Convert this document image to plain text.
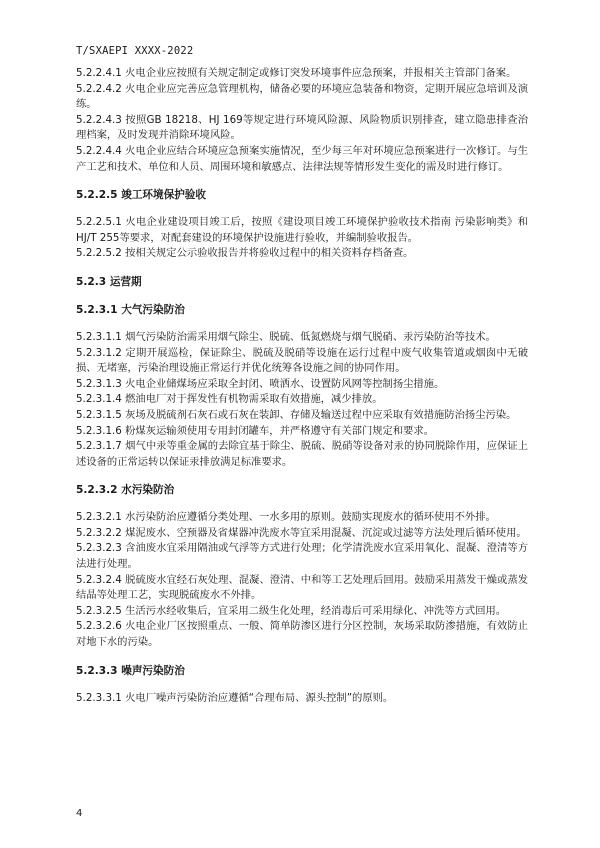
T/SXAEPI XXXX-2022

5.2.2.4.1 火电企业应按照有关规定制定或修订突发环境事件应急预案，并报相关主管部门备案。

5.2.2.4.2 火电企业应完善应急管理机构，储备必要的环境应急装备和物资，定期开展应急培训及演练。

5.2.2.4.3 按照GB 18218、HJ 169等规定进行环境风险源、风险物质识别排查，建立隐患排查治理档案，及时发现并消除环境风险。

5.2.2.4.4 火电企业应结合环境应急预案实施情况，至少每三年对环境应急预案进行一次修订。与生产工艺和技术、单位和人员、周围环境和敏感点、法律法规等情形发生变化的需及时进行修订。

5.2.2.5 竣工环境保护验收

5.2.2.5.1 火电企业建设项目竣工后，按照《建设项目竣工环境保护验收技术指南 污染影响类》和HJ/T 255等要求，对配套建设的环境保护设施进行验收，并编制验收报告。

5.2.2.5.2 按相关规定公示验收报告并将验收过程中的相关资料存档备查。

5.2.3 运营期

5.2.3.1 大气污染防治

5.2.3.1.1 烟气污染防治需采用烟气除尘、脱硫、低氮燃烧与烟气脱硝、汞污染防治等技术。

5.2.3.1.2 定期开展巡检，保证除尘、脱硫及脱硝等设施在运行过程中废气收集管道或烟囱中无破损、无堵塞，污染治理设施正常运行并优化统筹各设施之间的协同作用。

5.2.3.1.3 火电企业储煤场应采取全封闭、喷洒水、设置防风网等控制扬尘措施。

5.2.3.1.4 燃油电厂对于挥发性有机物需采取有效措施，减少排放。

5.2.3.1.5 灰场及脱硫剂石灰石或石灰在装卸、存储及输送过程中应采取有效措施防治扬尘污染。

5.2.3.1.6 粉煤灰运输须使用专用封闭罐车，并严格遵守有关部门规定和要求。

5.2.3.1.7 烟气中汞等重金属的去除宜基于除尘、脱硫、脱硝等设备对汞的协同脱除作用，应保证上述设备的正常运转以保证汞排放满足标准要求。

5.2.3.2 水污染防治

5.2.3.2.1 水污染防治应遵循分类处理、一水多用的原则。鼓励实现废水的循环使用不外排。

5.2.3.2.2 煤泥废水、空预器及省煤器冲洗废水等宜采用混凝、沉淀或过滤等方法处理后循环使用。

5.2.3.2.3 含油废水宜采用隔油或气浮等方式进行处理；化学清洗废水宜采用氧化、混凝、澄清等方法进行处理。

5.2.3.2.4 脱硫废水宜经石灰处理、混凝、澄清、中和等工艺处理后回用。鼓励采用蒸发干燥或蒸发结晶等处理工艺，实现脱硫废水不外排。

5.2.3.2.5 生活污水经收集后，宜采用二级生化处理，经消毒后可采用绿化、冲洗等方式回用。

5.2.3.2.6 火电企业厂区按照重点、一般、简单防渗区进行分区控制，灰场采取防渗措施，有效防止对地下水的污染。

5.2.3.3 噪声污染防治

5.2.3.3.1 火电厂噪声污染防治应遵循“合理布局、源头控制”的原则。

4
